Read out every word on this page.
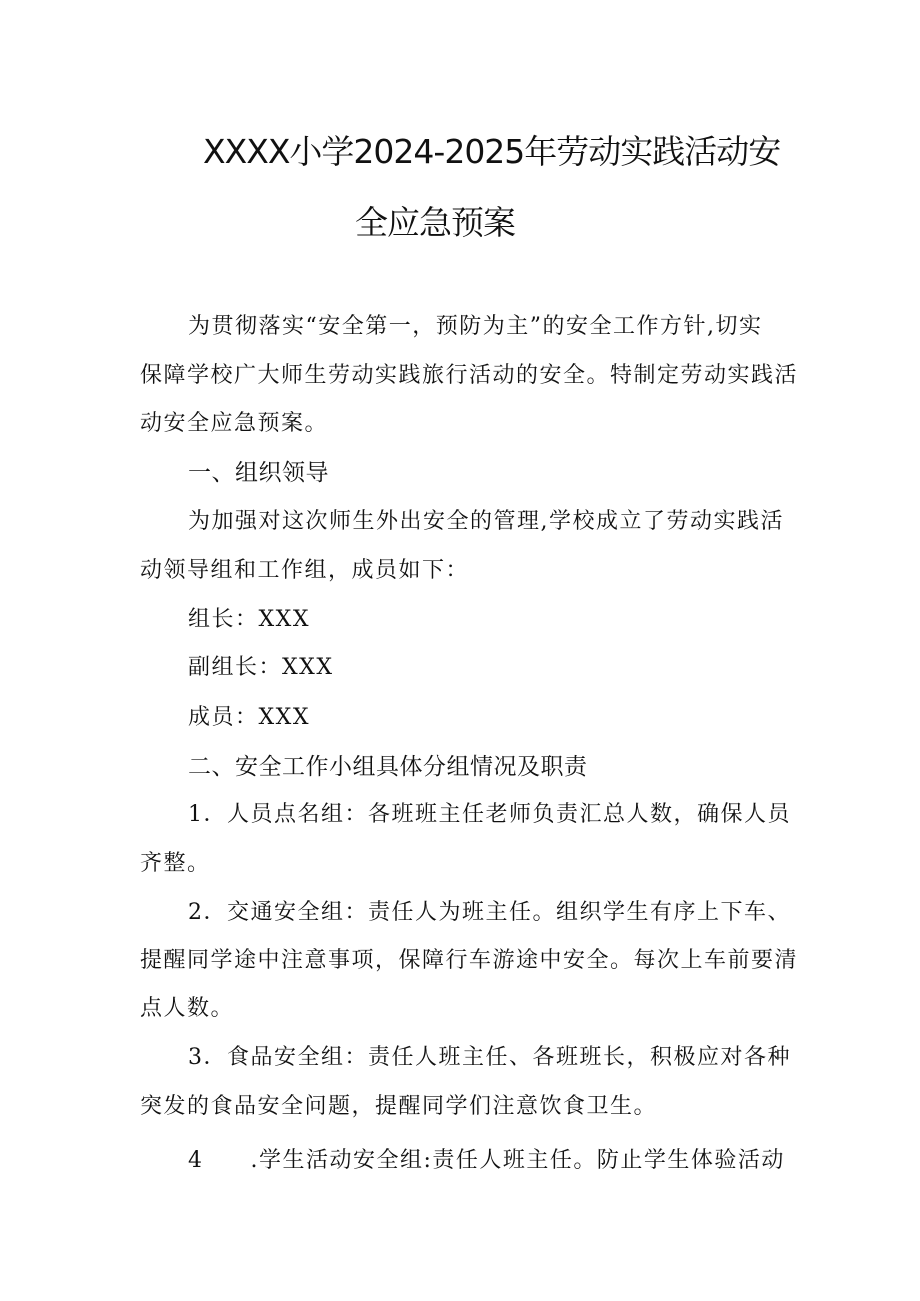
XXXX小学2024-2025年劳动实践活动安
全应急预案
为贯彻落实“安全第一，预防为主”的安全工作方针,切实
保障学校广大师生劳动实践旅行活动的安全。特制定劳动实践活
动安全应急预案。
一、组织领导
为加强对这次师生外出安全的管理,学校成立了劳动实践活
动领导组和工作组，成员如下：
组长：XXX
副组长：XXX
成员：XXX
二、安全工作小组具体分组情况及职责
1．人员点名组：各班班主任老师负责汇总人数，确保人员
齐整。
2．交通安全组：责任人为班主任。组织学生有序上下车、
提醒同学途中注意事项，保障行车游途中安全。每次上车前要清
点人数。
3．食品安全组：责任人班主任、各班班长，积极应对各种
突发的食品安全问题，提醒同学们注意饮食卫生。
4　　.学生活动安全组:责任人班主任。防止学生体验活动
